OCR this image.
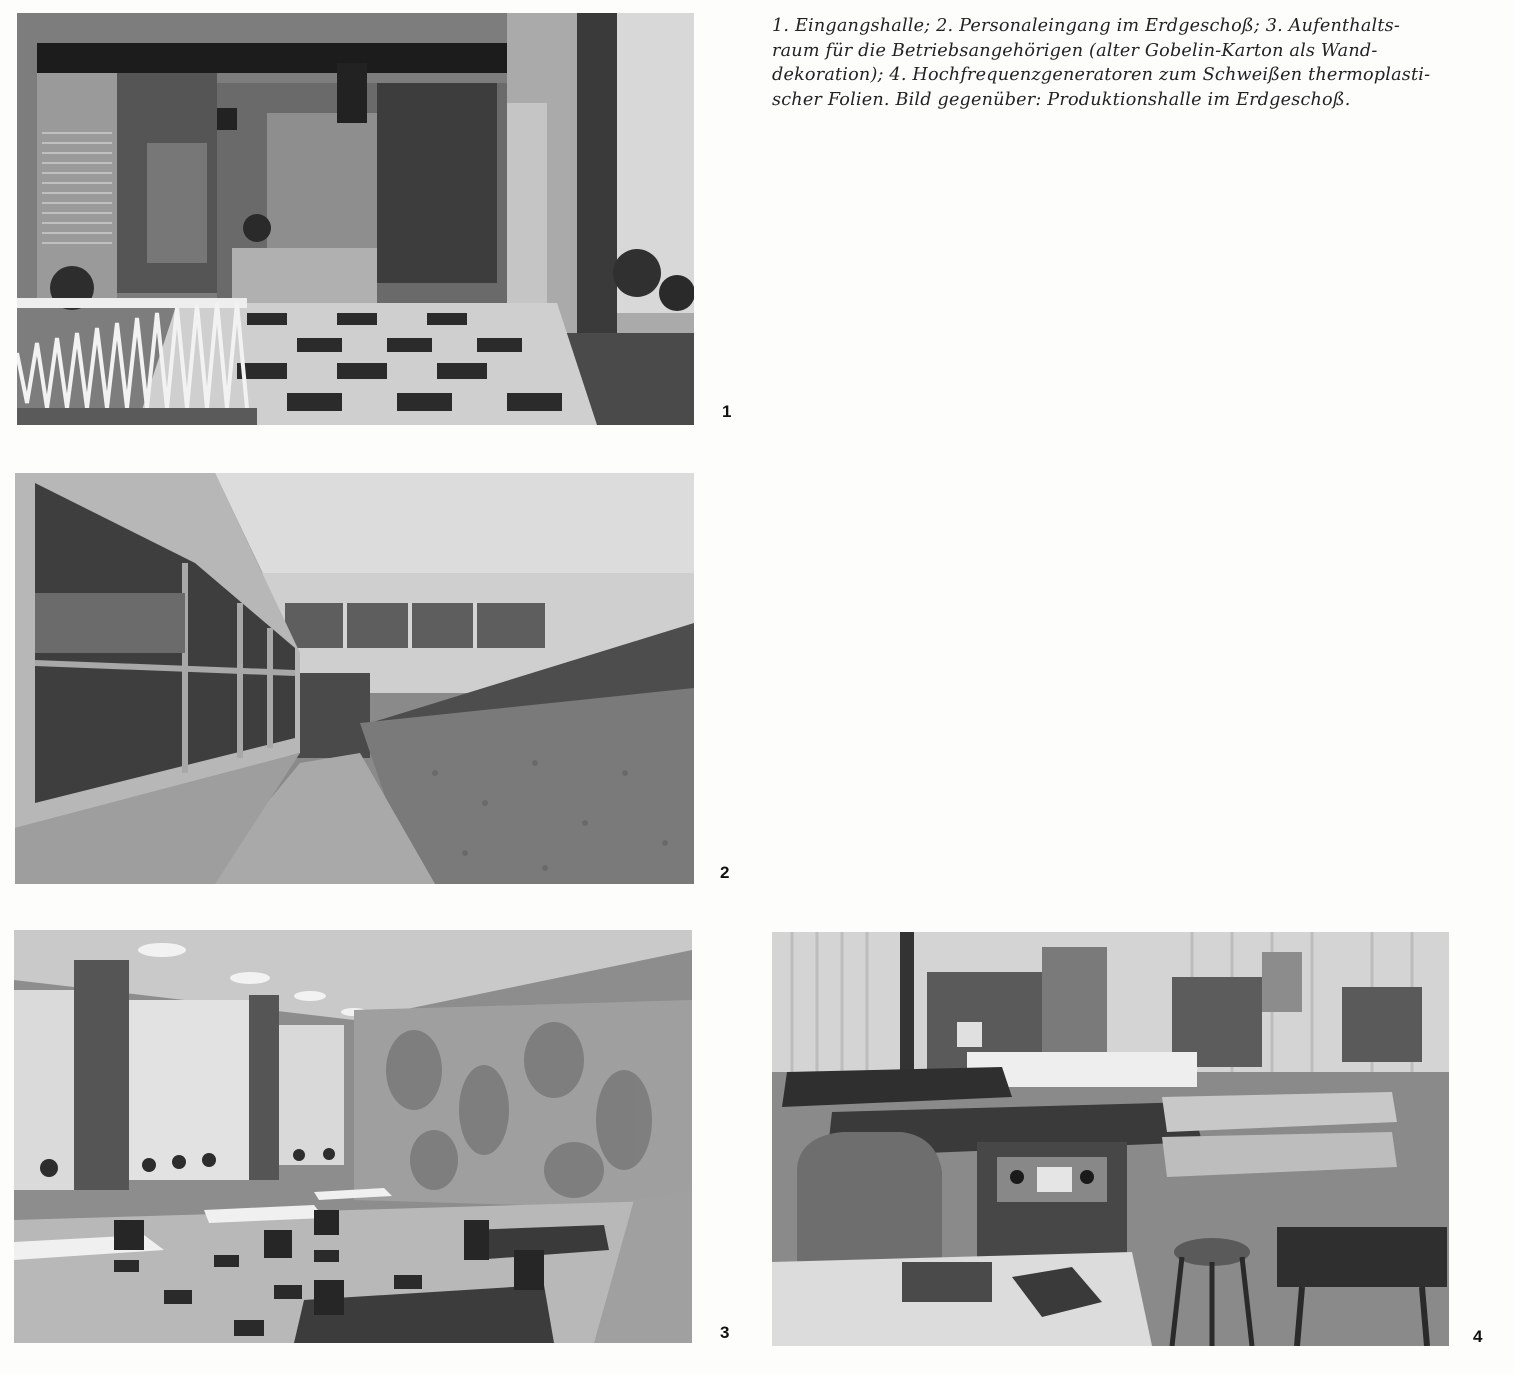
1. Eingangshalle; 2. Personaleingang im Erdgeschoß; 3. Aufenthalts-
raum für die Betriebsangehörigen (alter Gobelin-Karton als Wand-
dekoration); 4. Hochfrequenzgeneratoren zum Schweißen thermoplasti-
scher Folien. Bild gegenüber: Produktionshalle im Erdgeschoß.
1
2
3	4
